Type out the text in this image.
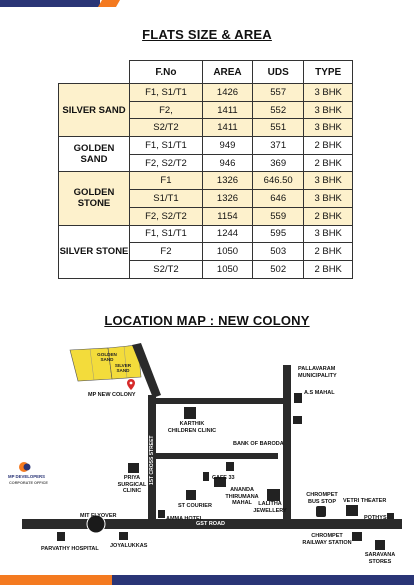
FLATS SIZE & AREA
	F.No	AREA	UDS	TYPE
SILVER SAND	F1, S1/T1	1426	557	3 BHK
	F2,	1411	552	3 BHK
	S2/T2	1411	551	3 BHK
GOLDEN SAND	F1, S1/T1	949	371	2 BHK
	F2, S2/T2	946	369	2 BHK
GOLDEN STONE	F1	1326	646.50	3 BHK
	S1/T1	1326	646	3 BHK
	F2, S2/T2	1154	559	2 BHK
SILVER STONE	F1, S1/T1	1244	595	3 BHK
	F2	1050	503	2 BHK
	S2/T2	1050	502	2 BHK
LOCATION MAP : NEW COLONY
GOLDEN SAND
SILVER SAND
MP NEW COLONY
PALLAVARAM MUNICIPALITY
A.S MAHAL
KARTHIK CHILDREN CLINIC
BANK OF BARODA
CAFE 33
PRIYA SURGICAL CLINIC	ANANDA THIRUMANA MAHAL
ST COURIER	LALITHA JEWELLERY
AMMA HOTEL
CHROMPET BUS STOP	VETRI THEATER
POTHYS
CHROMPET RAILWAY STATION
SARAVANA STORES
PARVATHY HOSPITAL JOYALUKKAS
MP DEVELOPERS
CORPORATE OFFICE
MIT FLYOVER
GST ROAD
1ST CROSS STREET
